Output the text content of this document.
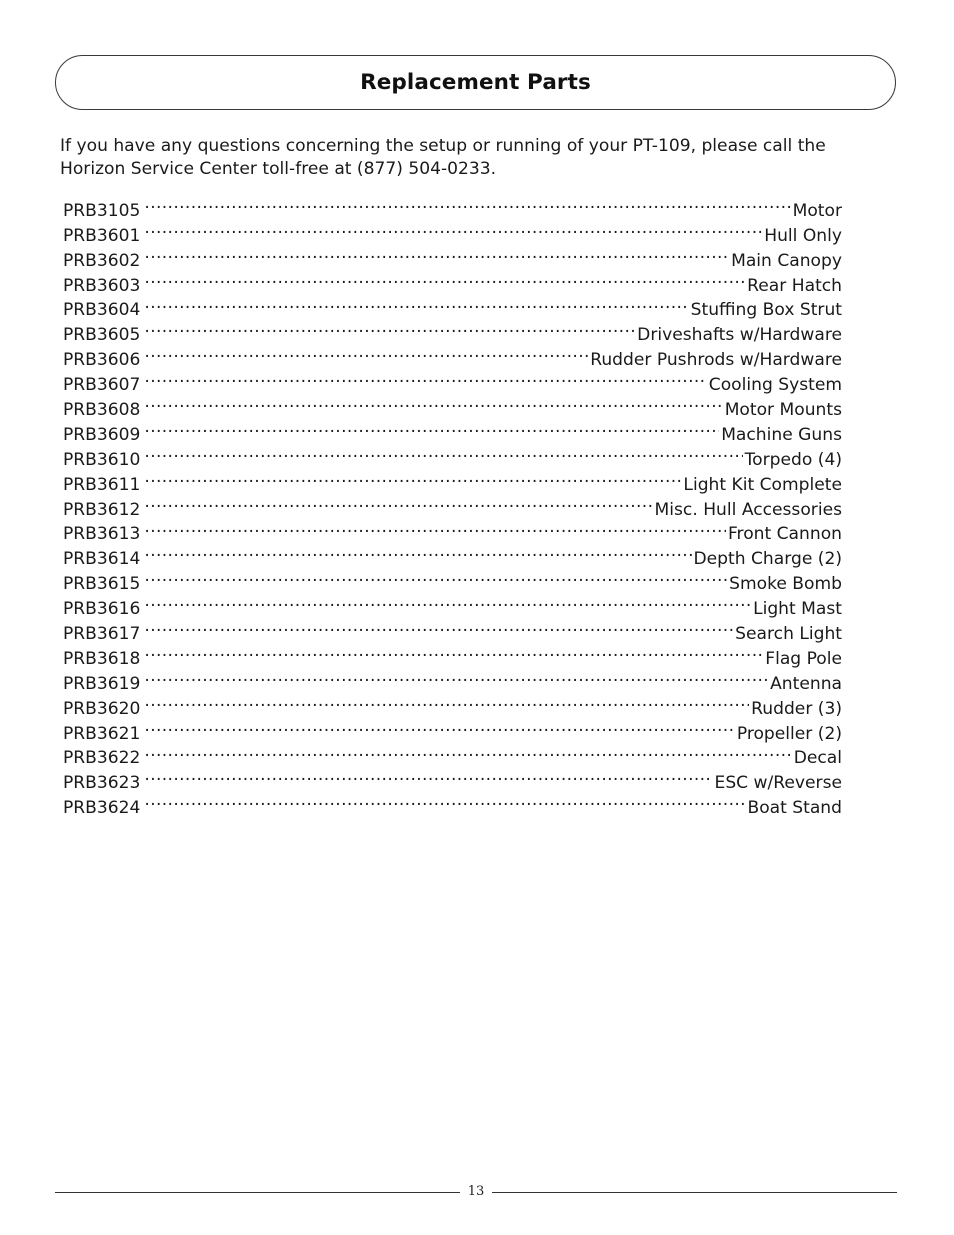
Replacement Parts

If you have any questions concerning the setup or running of your PT-109, please call the Horizon Service Center toll-free at (877) 504-0233.

PRB3105 .....	Motor
PRB3601 .....	Hull Only
PRB3602 .....	Main Canopy
PRB3603 .....	Rear Hatch
PRB3604 .....	Stuffing Box Strut
PRB3605 .....	Driveshafts w/Hardware
PRB3606 .....	Rudder Pushrods w/Hardware
PRB3607 .....	Cooling System
PRB3608 .....	Motor Mounts
PRB3609 .....	Machine Guns
PRB3610 .....	Torpedo (4)
PRB3611 .....	Light Kit Complete
PRB3612 .....	Misc. Hull Accessories
PRB3613 .....	Front Cannon
PRB3614 .....	Depth Charge (2)
PRB3615 .....	Smoke Bomb
PRB3616 .....	Light Mast
PRB3617 .....	Search Light
PRB3618 .....	Flag Pole
PRB3619 .....	Antenna
PRB3620 .....	Rudder (3)
PRB3621 .....	Propeller (2)
PRB3622 .....	Decal
PRB3623 .....	ESC w/Reverse
PRB3624 .....	Boat Stand
13
